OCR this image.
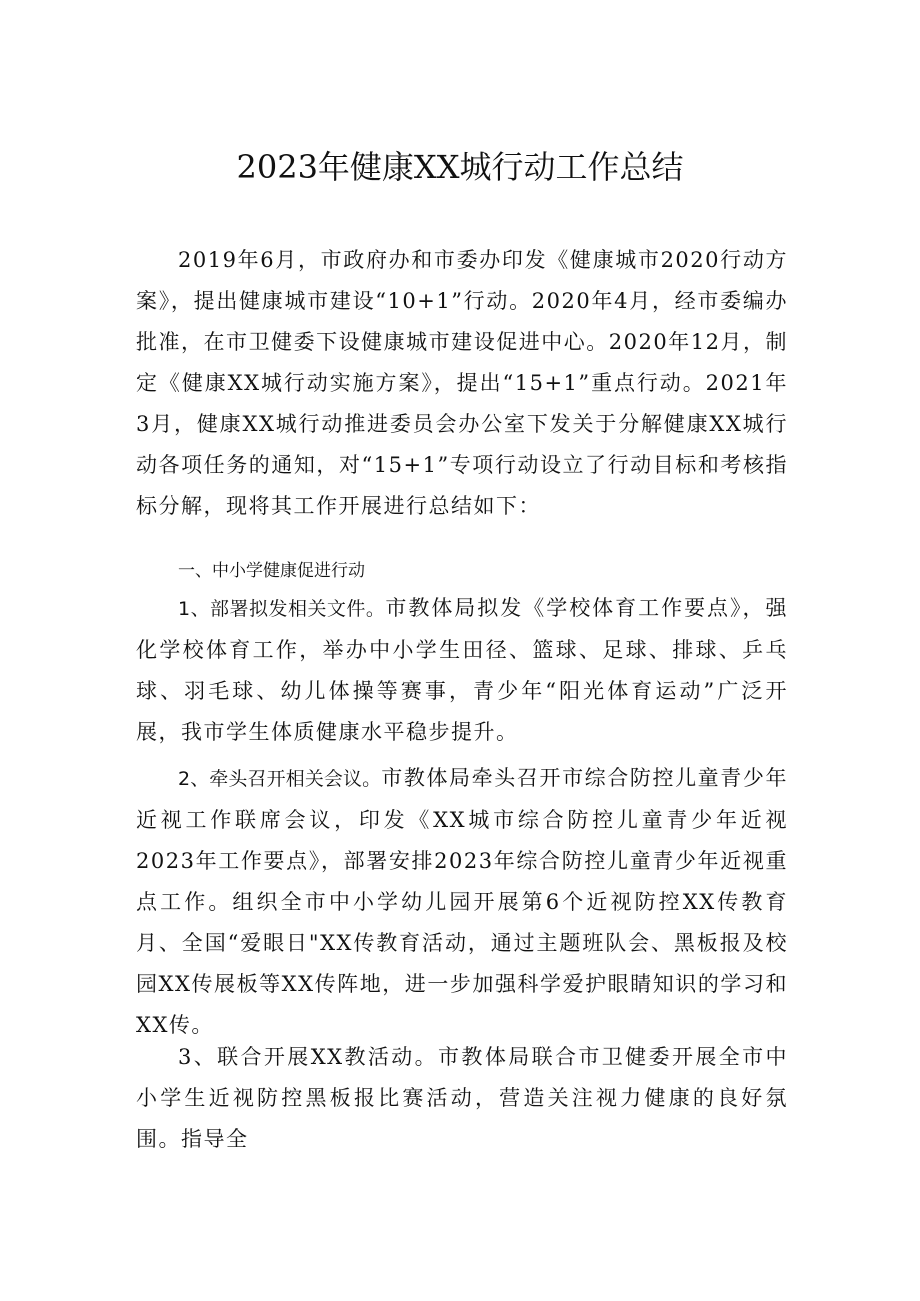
2023年健康XX城行动工作总结

2019年6月，市政府办和市委办印发《健康城市2020行动方案》，提出健康城市建设“10+1”行动。2020年4月，经市委编办批准，在市卫健委下设健康城市建设促进中心。2020年12月，制定《健康XX城行动实施方案》，提出“15+1”重点行动。2021年3月，健康XX城行动推进委员会办公室下发关于分解健康XX城行动各项任务的通知，对“15+1”专项行动设立了行动目标和考核指标分解，现将其工作开展进行总结如下：

一、中小学健康促进行动

1、部署拟发相关文件。市教体局拟发《学校体育工作要点》，强化学校体育工作，举办中小学生田径、篮球、足球、排球、乒乓球、羽毛球、幼儿体操等赛事，青少年“阳光体育运动”广泛开展，我市学生体质健康水平稳步提升。

2、牵头召开相关会议。市教体局牵头召开市综合防控儿童青少年近视工作联席会议，印发《XX城市综合防控儿童青少年近视2023年工作要点》，部署安排2023年综合防控儿童青少年近视重点工作。组织全市中小学幼儿园开展第6个近视防控XX传教育月、全国“爱眼日"XX传教育活动，通过主题班队会、黑板报及校园XX传展板等XX传阵地，进一步加强科学爱护眼睛知识的学习和XX传。

3、联合开展XX教活动。市教体局联合市卫健委开展全市中小学生近视防控黑板报比赛活动，营造关注视力健康的良好氛围。指导全
